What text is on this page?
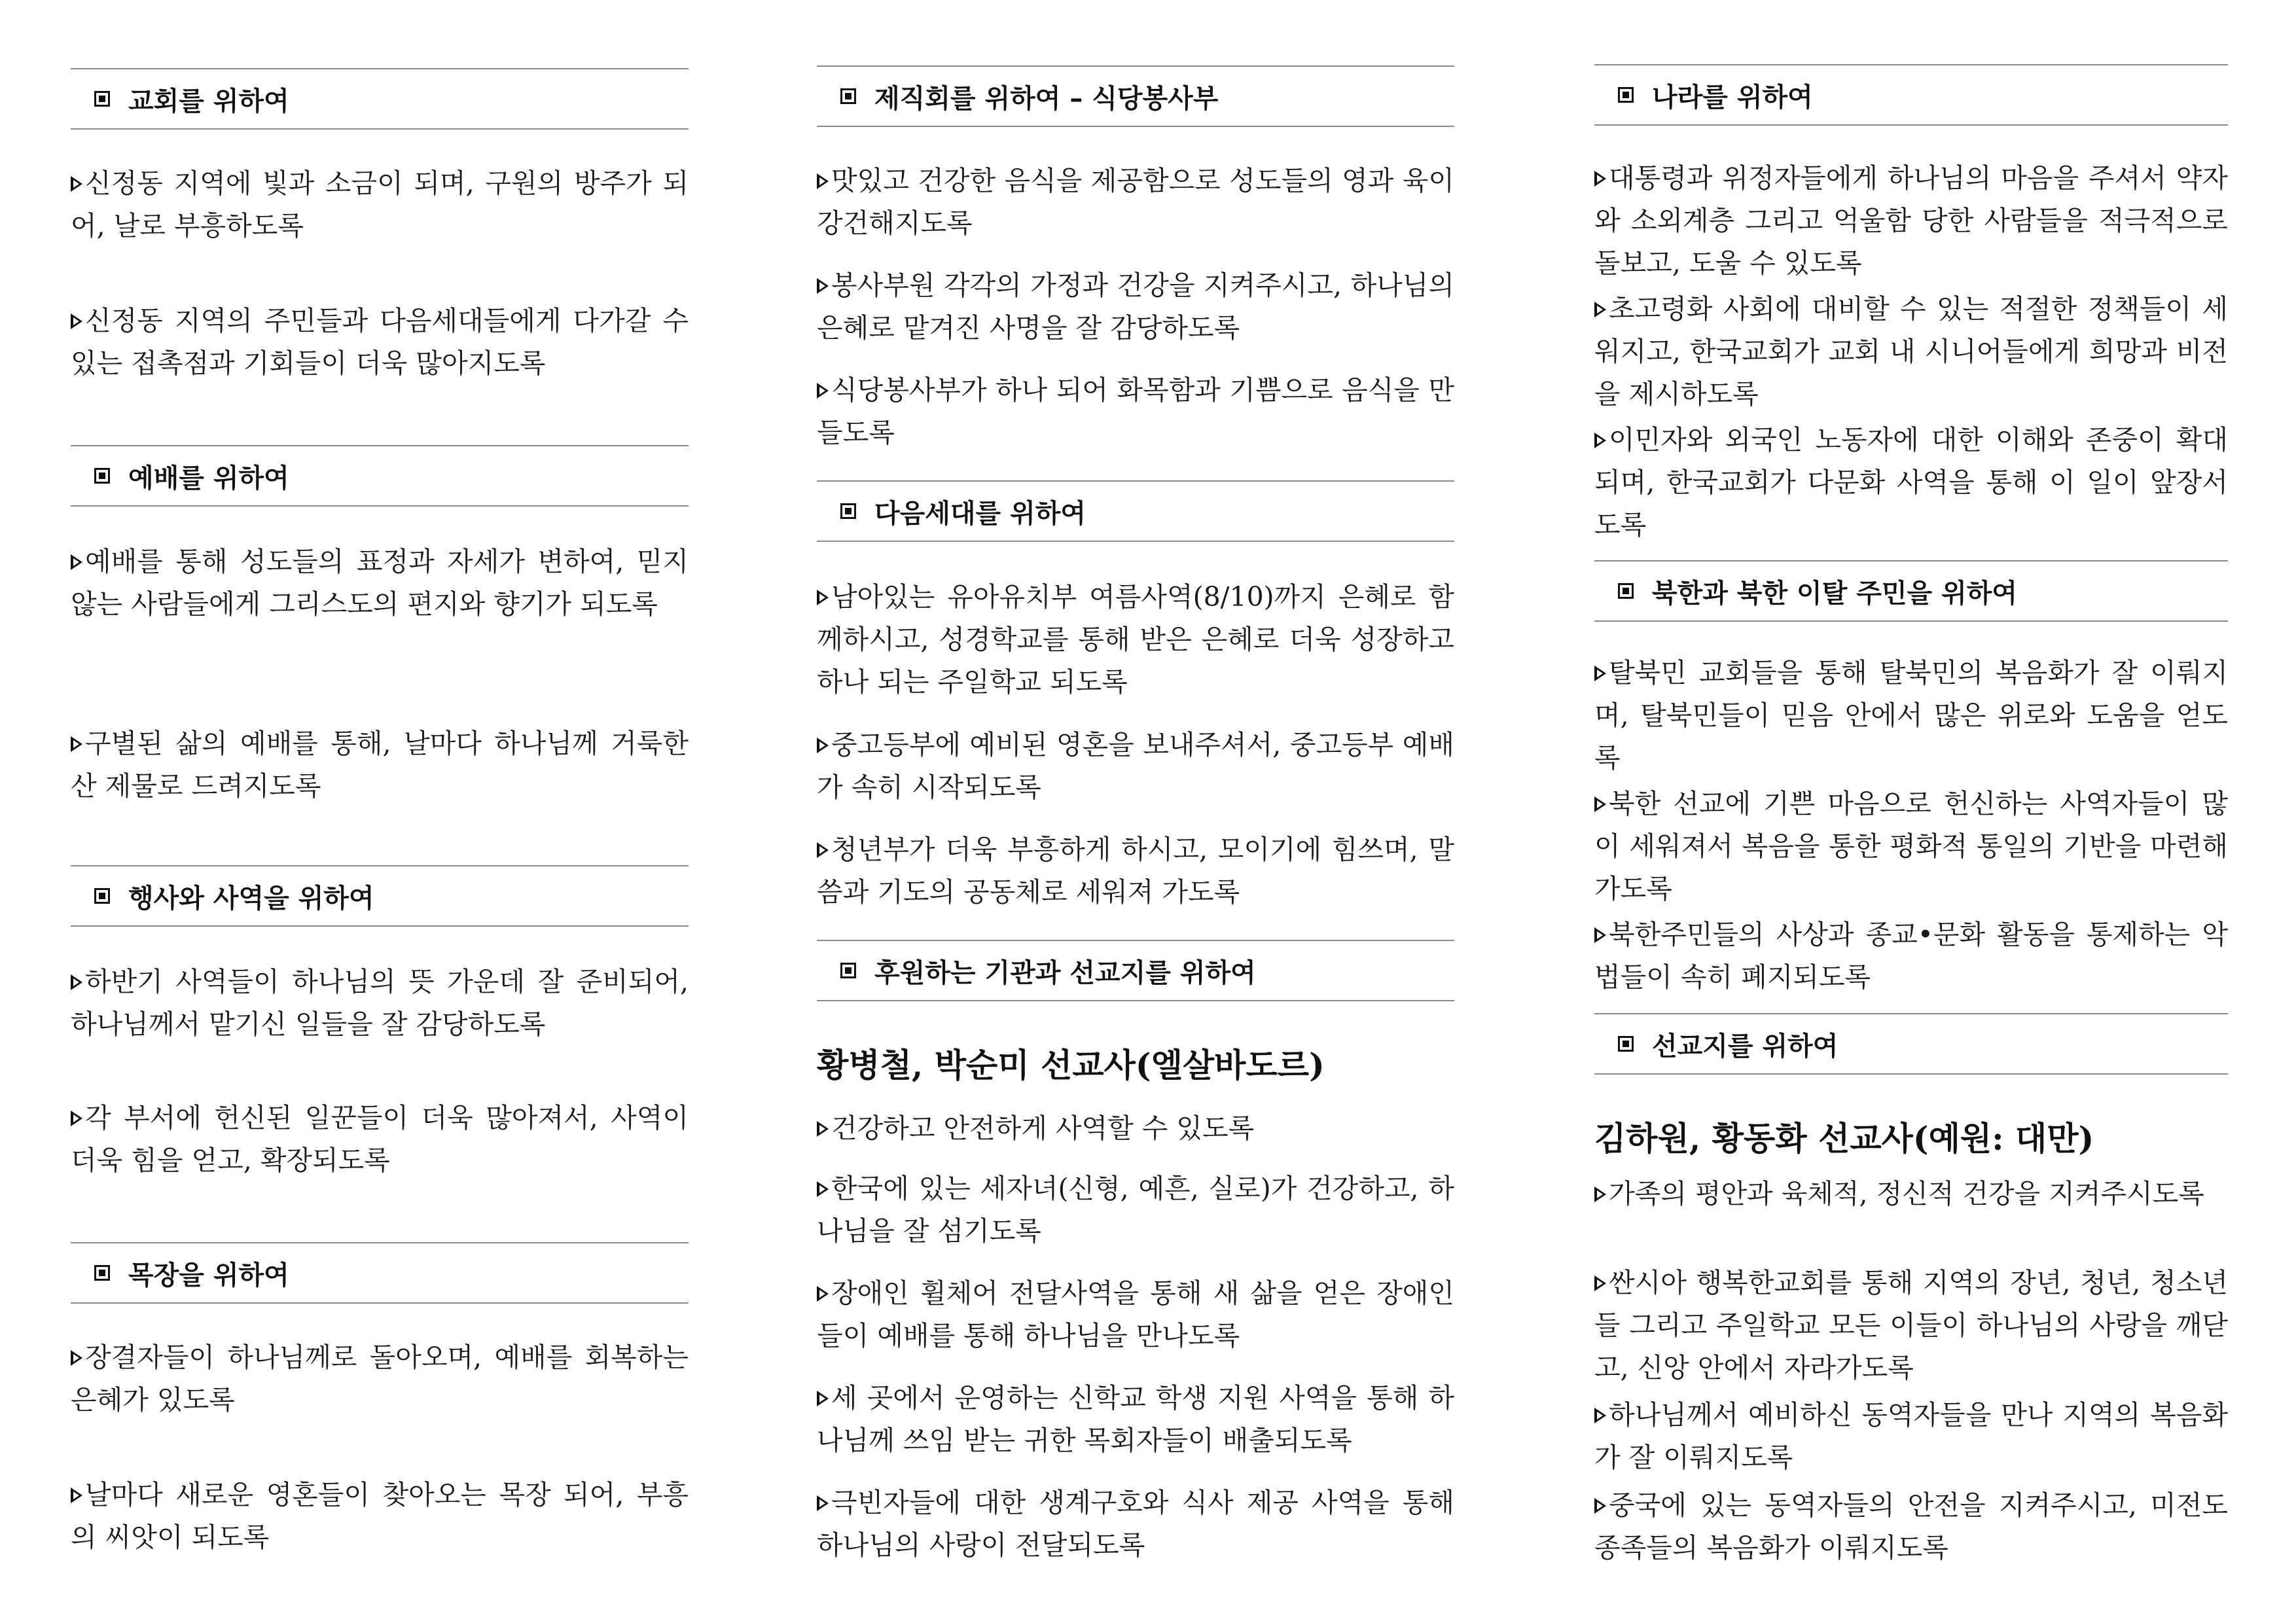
교회를 위하여
신정동 지역에 빛과 소금이 되며, 구원의 방주가 되어, 날로 부흥하도록
신정동 지역의 주민들과 다음세대들에게 다가갈 수 있는 접촉점과 기회들이 더욱 많아지도록
예배를 위하여
예배를 통해 성도들의 표정과 자세가 변하여, 믿지 않는 사람들에게 그리스도의 편지와 향기가 되도록
구별된 삶의 예배를 통해, 날마다 하나님께 거룩한 산 제물로 드려지도록
행사와 사역을 위하여
하반기 사역들이 하나님의 뜻 가운데 잘 준비되어, 하나님께서 맡기신 일들을 잘 감당하도록
각 부서에 헌신된 일꾼들이 더욱 많아져서, 사역이 더욱 힘을 얻고, 확장되도록
목장을 위하여
장결자들이 하나님께로 돌아오며, 예배를 회복하는 은혜가 있도록
날마다 새로운 영혼들이 찾아오는 목장 되어, 부흥의 씨앗이 되도록
제직회를 위하여 – 식당봉사부
맛있고 건강한 음식을 제공함으로 성도들의 영과 육이 강건해지도록
봉사부원 각각의 가정과 건강을 지켜주시고, 하나님의 은혜로 맡겨진 사명을 잘 감당하도록
식당봉사부가 하나 되어 화목함과 기쁨으로 음식을 만들도록
다음세대를 위하여
남아있는 유아유치부 여름사역(8/10)까지 은혜로 함께하시고, 성경학교를 통해 받은 은혜로 더욱 성장하고 하나 되는 주일학교 되도록
중고등부에 예비된 영혼을 보내주셔서, 중고등부 예배가 속히 시작되도록
청년부가 더욱 부흥하게 하시고, 모이기에 힘쓰며, 말씀과 기도의 공동체로 세워져 가도록
후원하는 기관과 선교지를 위하여
황병철, 박순미 선교사(엘살바도르)
건강하고 안전하게 사역할 수 있도록
한국에 있는 세자녀(신형, 예흔, 실로)가 건강하고, 하나님을 잘 섬기도록
장애인 휠체어 전달사역을 통해 새 삶을 얻은 장애인들이 예배를 통해 하나님을 만나도록
세 곳에서 운영하는 신학교 학생 지원 사역을 통해 하나님께 쓰임 받는 귀한 목회자들이 배출되도록
극빈자들에 대한 생계구호와 식사 제공 사역을 통해 하나님의 사랑이 전달되도록
나라를 위하여
대통령과 위정자들에게 하나님의 마음을 주셔서 약자와 소외계층 그리고 억울함 당한 사람들을 적극적으로 돌보고, 도울 수 있도록
초고령화 사회에 대비할 수 있는 적절한 정책들이 세워지고, 한국교회가 교회 내 시니어들에게 희망과 비전을 제시하도록
이민자와 외국인 노동자에 대한 이해와 존중이 확대되며, 한국교회가 다문화 사역을 통해 이 일이 앞장서도록
북한과 북한 이탈 주민을 위하여
탈북민 교회들을 통해 탈북민의 복음화가 잘 이뤄지며, 탈북민들이 믿음 안에서 많은 위로와 도움을 얻도록
북한 선교에 기쁜 마음으로 헌신하는 사역자들이 많이 세워져서 복음을 통한 평화적 통일의 기반을 마련해 가도록
북한주민들의 사상과 종교•문화 활동을 통제하는 악법들이 속히 폐지되도록
선교지를 위하여
김하원, 황동화 선교사(예원: 대만)
가족의 평안과 육체적, 정신적 건강을 지켜주시도록
싼시아 행복한교회를 통해 지역의 장년, 청년, 청소년들 그리고 주일학교 모든 이들이 하나님의 사랑을 깨닫고, 신앙 안에서 자라가도록
하나님께서 예비하신 동역자들을 만나 지역의 복음화가 잘 이뤄지도록
중국에 있는 동역자들의 안전을 지켜주시고, 미전도 종족들의 복음화가 이뤄지도록
